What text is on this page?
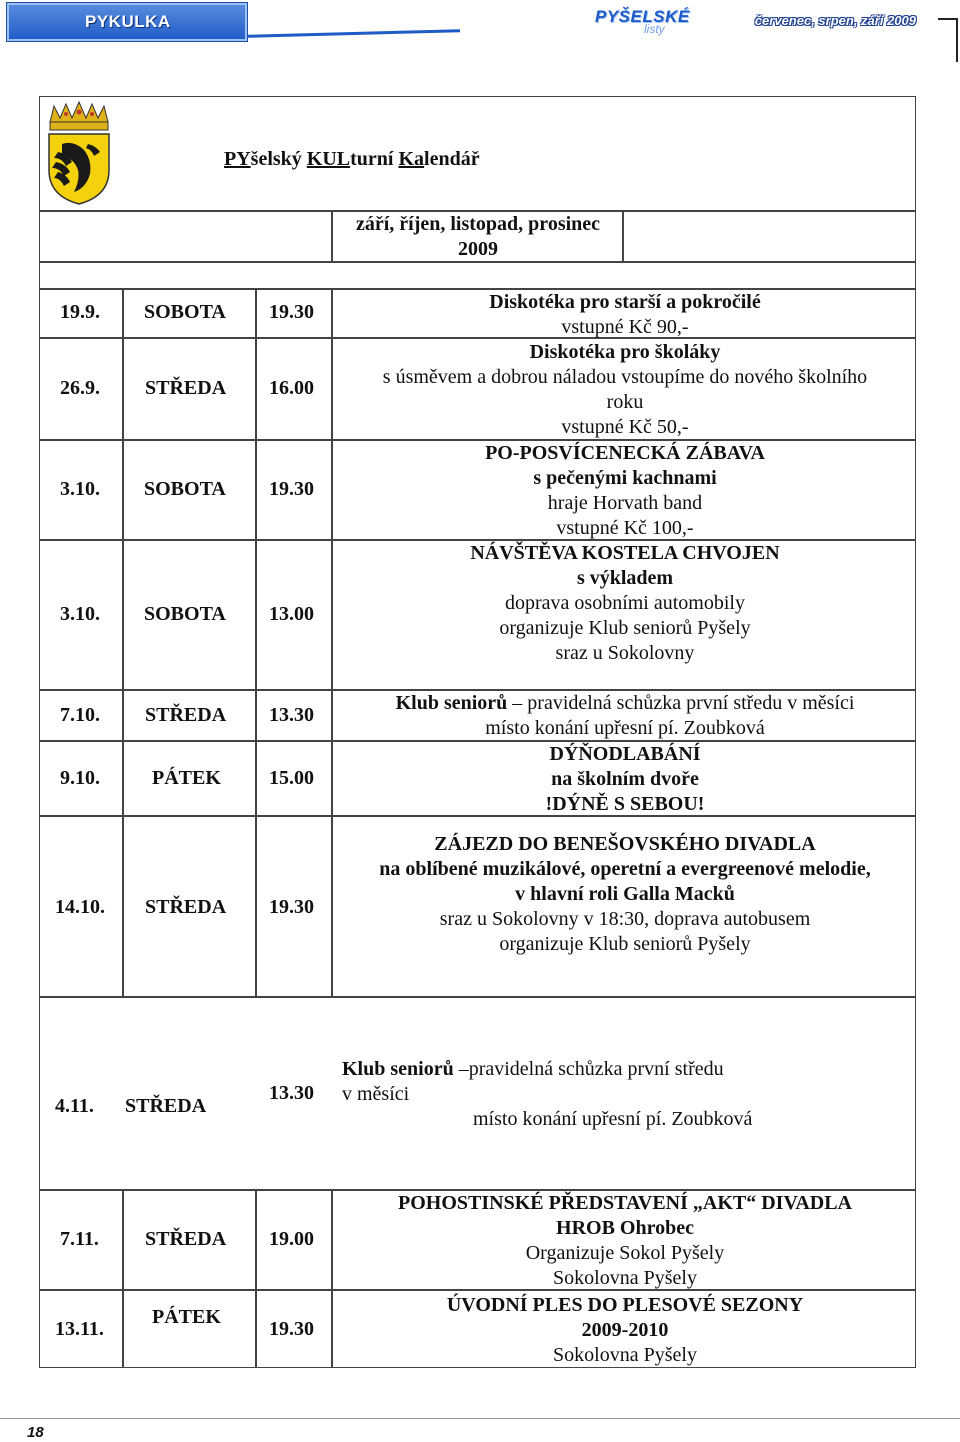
PYKULKA	PYŠELSKÉ
listy
červenec, srpen, září 2009
PYšelský KULturní Kalendář
září, říjen, listopad, prosinec
2009
19.9. SOBOTA 19.30
26.9. STŘEDA 16.00
3.10. SOBOTA 19.30
3.10. SOBOTA 13.00
7.10. STŘEDA 13.30
9.10.	PÁTEK 15.00
14.10. STŘEDA 19.30
4.11. STŘEDA
13.30
7.11. STŘEDA 19.00
13.11.
PÁTEK
19.30
Diskotéka pro starší a pokročilé
vstupné Kč 90,-
Diskotéka pro školáky
s úsměvem a dobrou náladou vstoupíme do nového školního
roku
vstupné Kč 50,-
PO-POSVÍCENECKÁ ZÁBAVA
s pečenými kachnami
hraje Horvath band
vstupné Kč 100,-
NÁVŠTĚVA KOSTELA CHVOJEN
s výkladem
doprava osobními automobily
organizuje Klub seniorů Pyšely
sraz u Sokolovny
Klub seniorů – pravidelná schůzka první středu v měsíci
místo konání upřesní pí. Zoubková
DÝŇODLABÁNÍ
na školním dvoře
!DÝNĚ S SEBOU!
ZÁJEZD DO BENEŠOVSKÉHO DIVADLA
na oblíbené muzikálové, operetní a evergreenové melodie,
v hlavní roli Galla Macků
sraz u Sokolovny v 18:30, doprava autobusem
organizuje Klub seniorů Pyšely
Klub seniorů –pravidelná schůzka první středu
v měsíci
místo konání upřesní pí. Zoubková
POHOSTINSKÉ PŘEDSTAVENÍ „AKT“ DIVADLA
HROB Ohrobec
Organizuje Sokol Pyšely
Sokolovna Pyšely
ÚVODNÍ PLES DO PLESOVÉ SEZONY
2009-2010
Sokolovna Pyšely
18
